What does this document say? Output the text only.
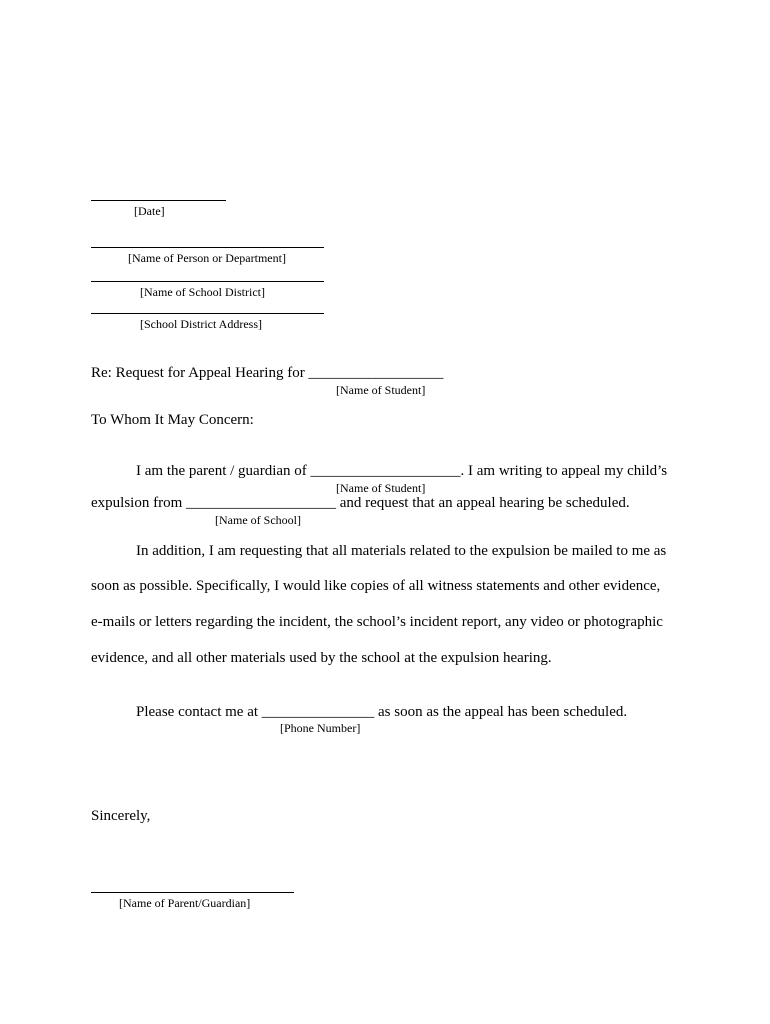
[Date]
[Name of Person or Department]
[Name of School District]
[School District Address]
Re: Request for Appeal Hearing for __________________
[Name of Student]
To Whom It May Concern:
I am the parent / guardian of ____________________. I am writing to appeal my child’s
[Name of Student]
expulsion from ____________________ and request that an appeal hearing be scheduled.
[Name of School]
In addition, I am requesting that all materials related to the expulsion be mailed to me as
soon as possible. Specifically, I would like copies of all witness statements and other evidence,
e-mails or letters regarding the incident, the school’s incident report, any video or photographic
evidence, and all other materials used by the school at the expulsion hearing.
Please contact me at _______________ as soon as the appeal has been scheduled.
[Phone Number]
Sincerely,
[Name of Parent/Guardian]
